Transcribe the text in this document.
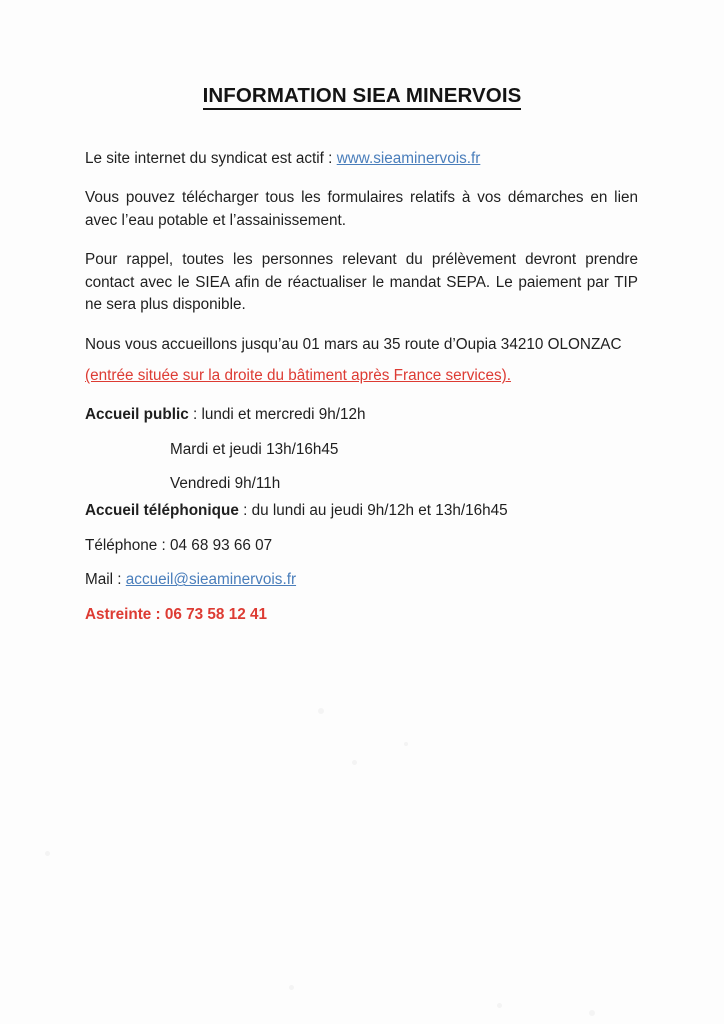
INFORMATION SIEA MINERVOIS

Le site internet du syndicat est actif : www.sieaminervois.fr

Vous pouvez télécharger tous les formulaires relatifs à vos démarches en lien avec l’eau potable et l’assainissement.

Pour rappel, toutes les personnes relevant du prélèvement devront prendre contact avec le SIEA afin de réactualiser le mandat SEPA. Le paiement par TIP ne sera plus disponible.

Nous vous accueillons jusqu’au 01 mars au 35 route d’Oupia 34210 OLONZAC

(entrée située sur la droite du bâtiment après France services).

Accueil public : lundi et mercredi 9h/12h
Mardi et jeudi 13h/16h45
Vendredi 9h/11h
Accueil téléphonique : du lundi au jeudi 9h/12h et 13h/16h45
Téléphone : 04 68 93 66 07
Mail : accueil@sieaminervois.fr
Astreinte : 06 73 58 12 41
